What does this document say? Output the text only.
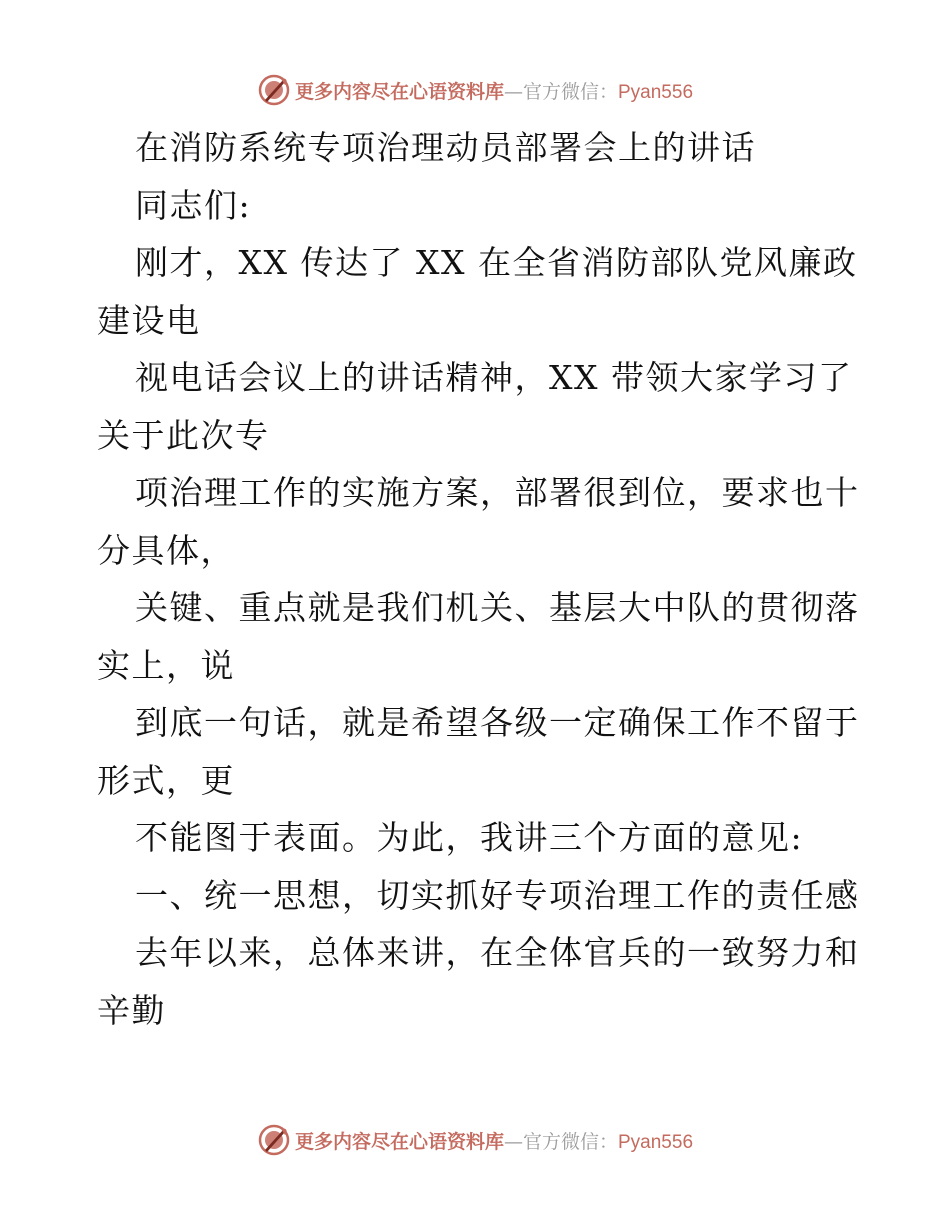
更多内容尽在心语资料库—官方微信：Pyan556
在消防系统专项治理动员部署会上的讲话
同志们:
刚才，XX 传达了 XX 在全省消防部队党风廉政
建设电
视电话会议上的讲话精神，XX 带领大家学习了
关于此次专
项治理工作的实施方案，部署很到位，要求也十
分具体，
关键、重点就是我们机关、基层大中队的贯彻落
实上，说
到底一句话，就是希望各级一定确保工作不留于
形式，更
不能图于表面。为此，我讲三个方面的意见:
一、统一思想，切实抓好专项治理工作的责任感
去年以来，总体来讲，在全体官兵的一致努力和
辛勤
更多内容尽在心语资料库—官方微信：Pyan556
